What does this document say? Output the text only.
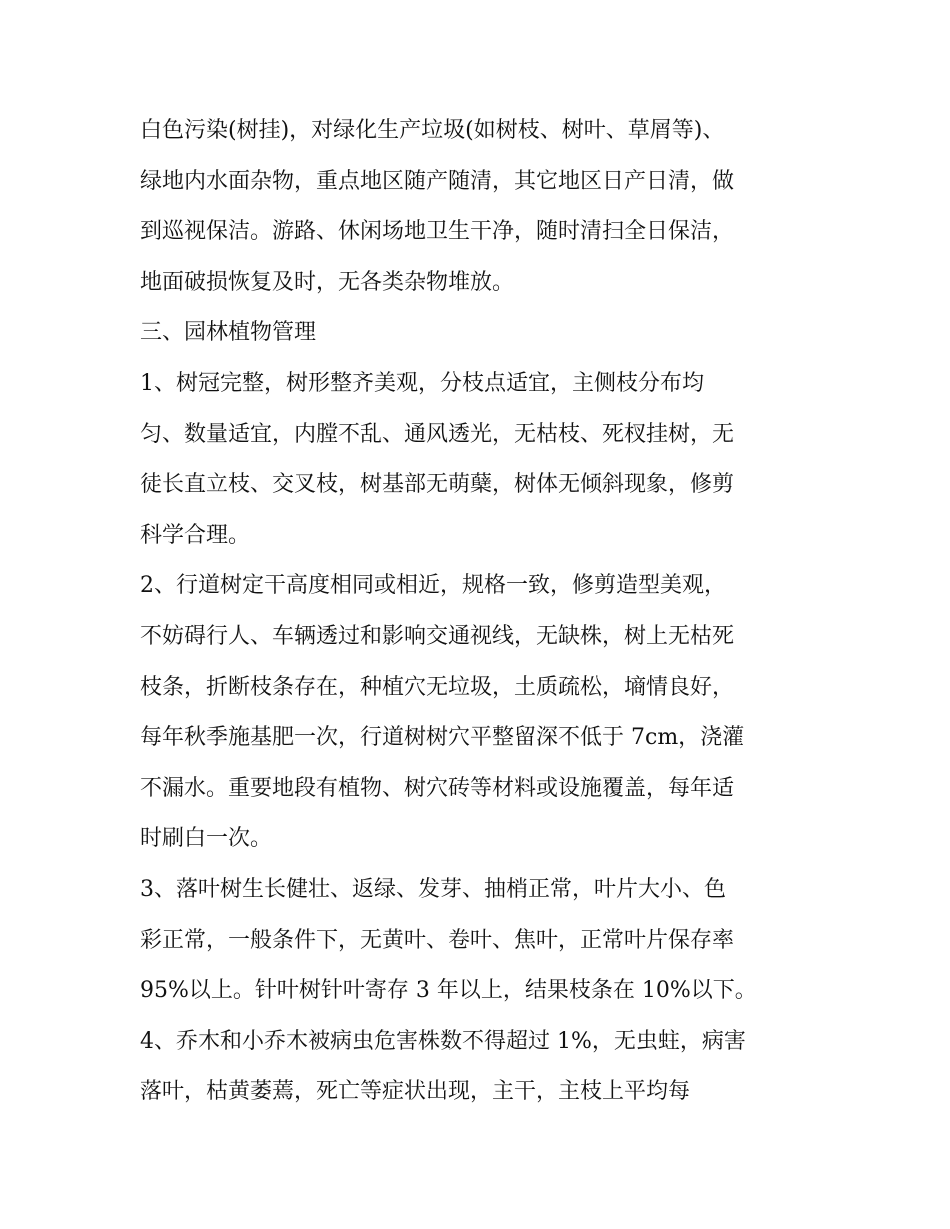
白色污染(树挂)，对绿化生产垃圾(如树枝、树叶、草屑等)、

绿地内水面杂物，重点地区随产随清，其它地区日产日清，做

到巡视保洁。游路、休闲场地卫生干净，随时清扫全日保洁，

地面破损恢复及时，无各类杂物堆放。

三、园林植物管理

1、树冠完整，树形整齐美观，分枝点适宜，主侧枝分布均

匀、数量适宜，内膛不乱、通风透光，无枯枝、死杈挂树，无

徒长直立枝、交叉枝，树基部无萌蘖，树体无倾斜现象，修剪

科学合理。

2、行道树定干高度相同或相近，规格一致，修剪造型美观，

不妨碍行人、车辆透过和影响交通视线，无缺株，树上无枯死

枝条，折断枝条存在，种植穴无垃圾，土质疏松，墒情良好，

每年秋季施基肥一次，行道树树穴平整留深不低于 7cm，浇灌

不漏水。重要地段有植物、树穴砖等材料或设施覆盖，每年适

时刷白一次。

3、落叶树生长健壮、返绿、发芽、抽梢正常，叶片大小、色

彩正常，一般条件下，无黄叶、卷叶、焦叶，正常叶片保存率

95%以上。针叶树针叶寄存 3 年以上，结果枝条在 10%以下。

4、乔木和小乔木被病虫危害株数不得超过 1%，无虫蛀，病害

落叶，枯黄萎蔫，死亡等症状出现，主干，主枝上平均每
